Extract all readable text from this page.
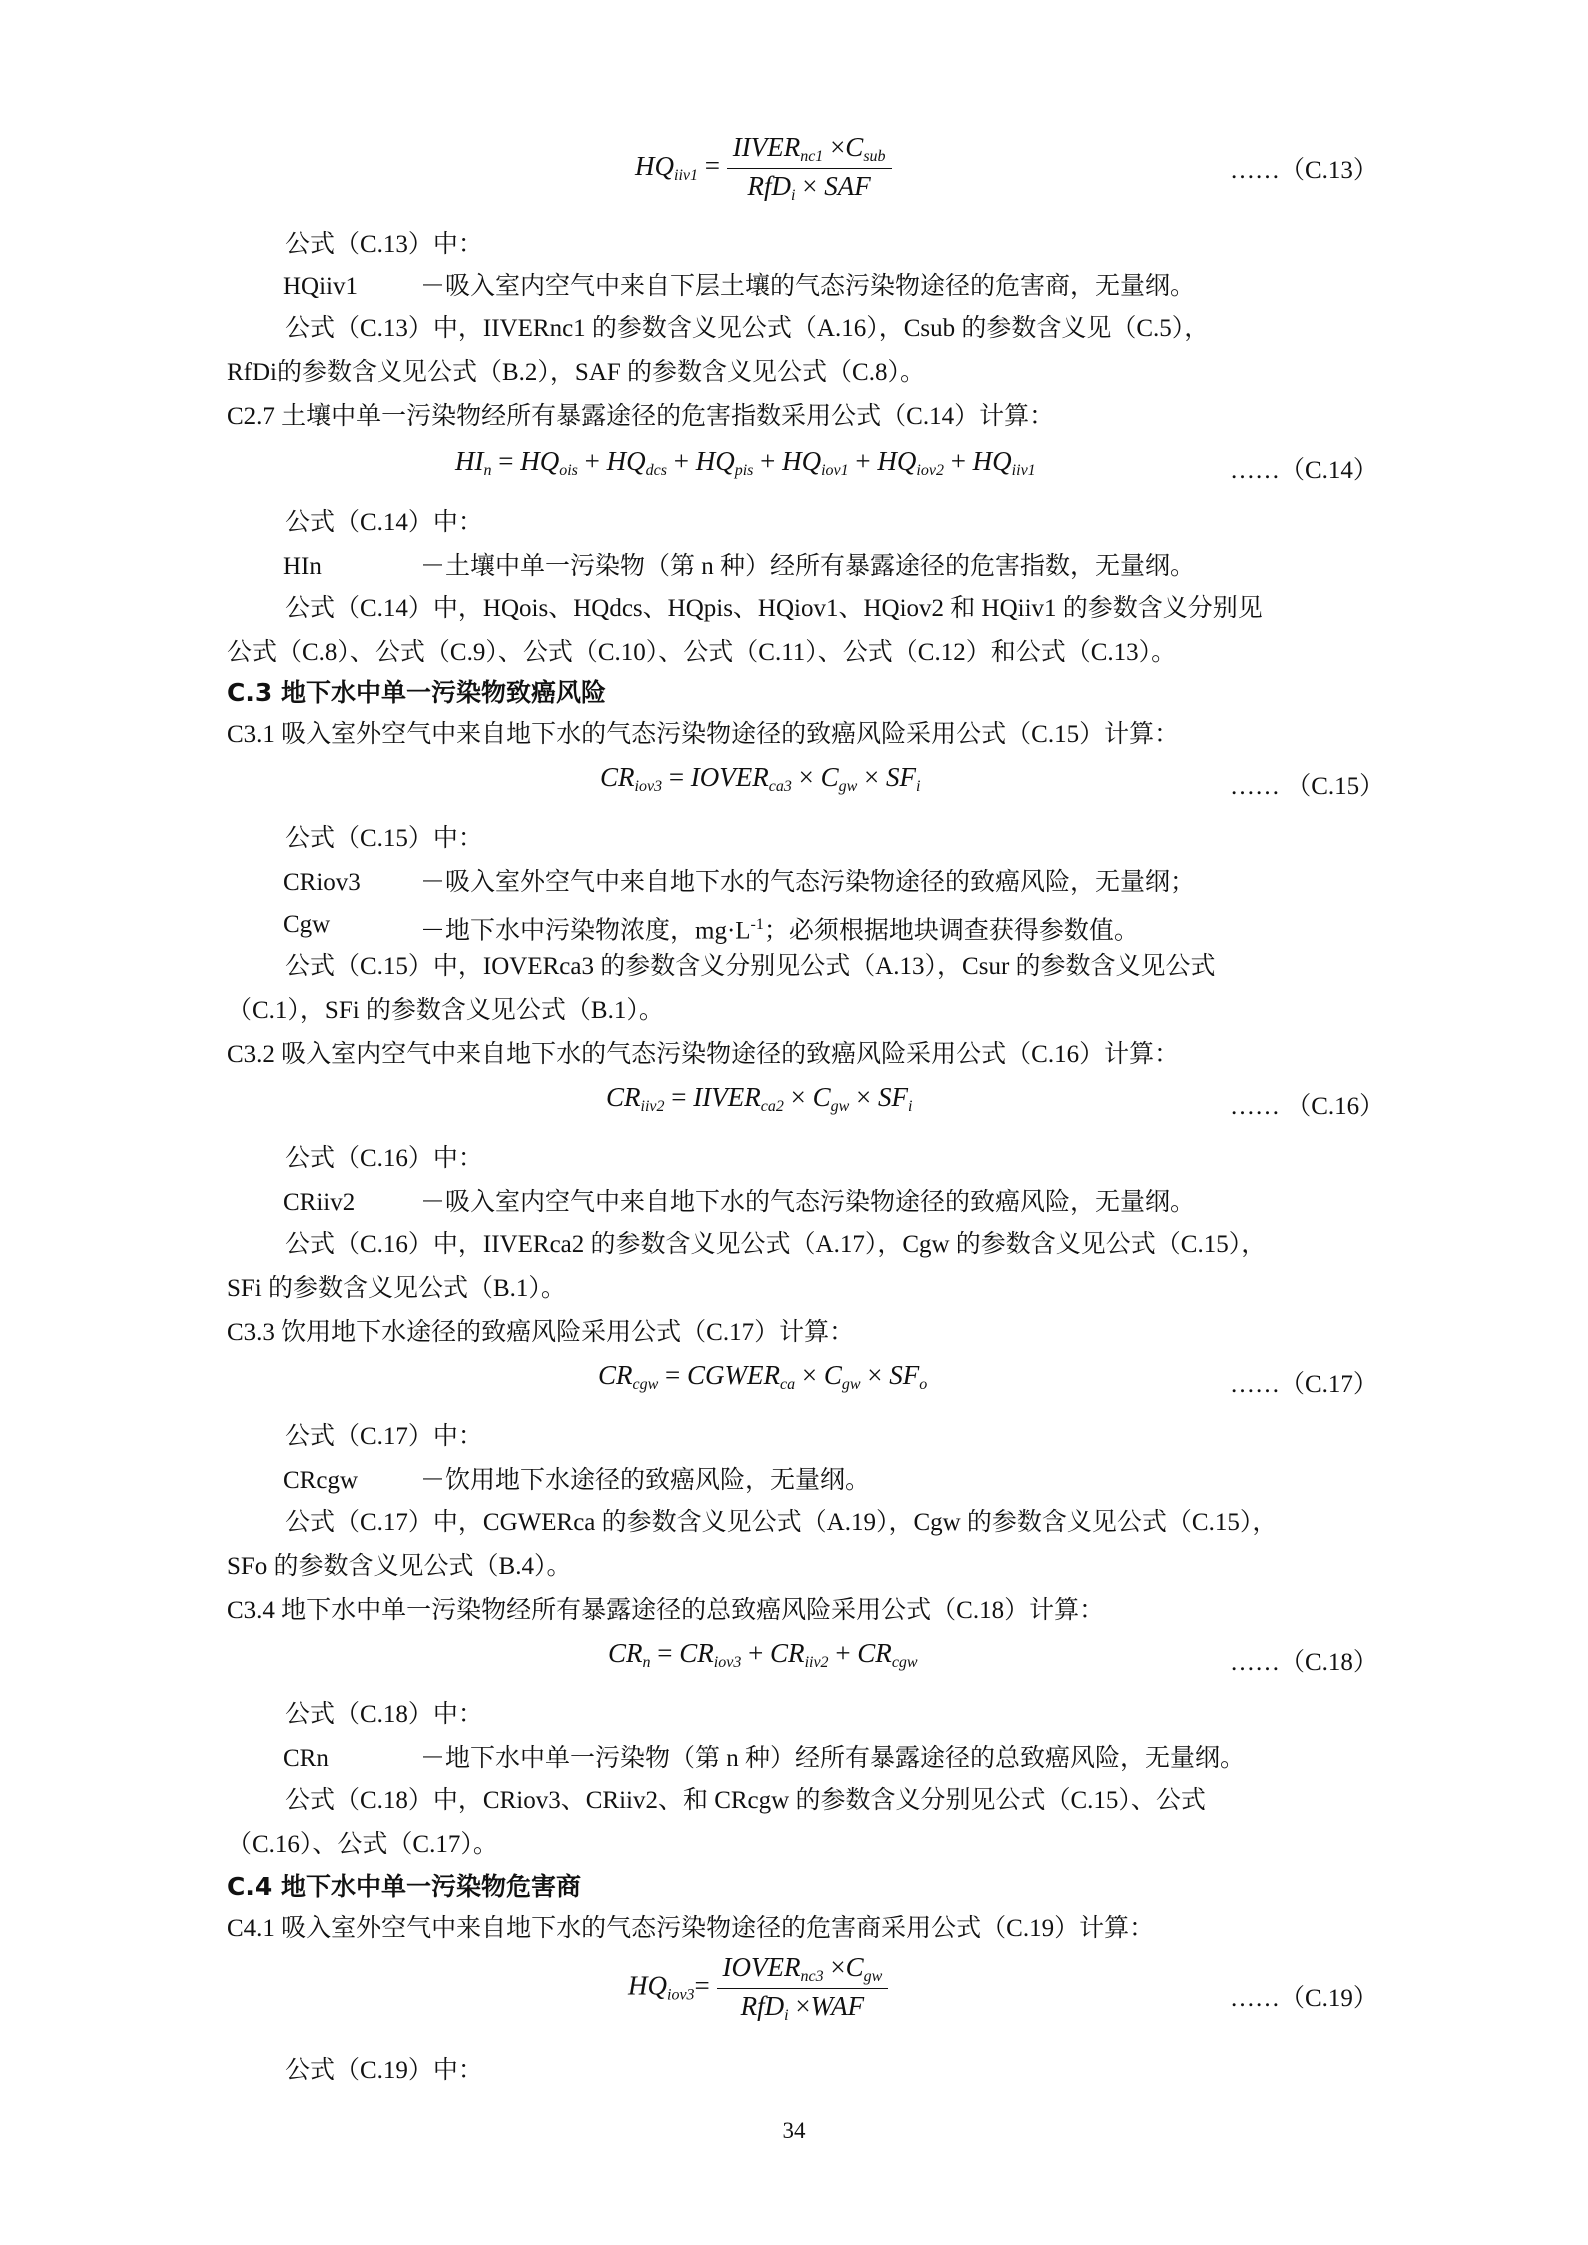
$HQ_{iiv1} = \frac{IIVER_{nc1} \times C_{sub}}{RfD_i \times SAF}$	……（C.13）
公式（C.13）中：
HQiiv1 －吸入室内空气中来自下层土壤的气态污染物途径的危害商，无量纲。
公式（C.13）中，IIVERnc1 的参数含义见公式（A.16），Csub 的参数含义见（C.5），
RfDi的参数含义见公式（B.2），SAF 的参数含义见公式（C.8）。
C2.7 土壤中单一污染物经所有暴露途径的危害指数采用公式（C.14）计算：
$HI_n = HQ_{ois} + HQ_{dcs} + HQ_{pis} + HQ_{iov1} + HQ_{iov2} + HQ_{iiv1}$	……（C.14）
公式（C.14）中：
HIn	－土壤中单一污染物（第 n 种）经所有暴露途径的危害指数，无量纲。
公式（C.14）中，HQois、HQdcs、HQpis、HQiov1、HQiov2 和 HQiiv1 的参数含义分别见
公式（C.8）、公式（C.9）、公式（C.10）、公式（C.11）、公式（C.12）和公式（C.13）。
C.3 地下水中单一污染物致癌风险
C3.1 吸入室外空气中来自地下水的气态污染物途径的致癌风险采用公式（C.15）计算：
$CR_{iov3}$ = $IOVER_{ca3} \times C_{gw} \times SF_i$	…… （C.15）
公式（C.15）中：
CRiov3 －吸入室外空气中来自地下水的气态污染物途径的致癌风险，无量纲；
Cgw	－地下水中污染物浓度，$mg\cdot L^{-1}$；必须根据地块调查获得参数值。
公式（C.15）中，IOVERca3 的参数含义分别见公式（A.13），Csur 的参数含义见公式
（C.1），SFi 的参数含义见公式（B.1）。
C3.2 吸入室内空气中来自地下水的气态污染物途径的致癌风险采用公式（C.16）计算：
$CR_{iiv2}$ = $IIVER_{ca2} \times C_{gw} \times SF_i$	…… （C.16）
公式（C.16）中：
CRiiv2	－吸入室内空气中来自地下水的气态污染物途径的致癌风险，无量纲。
公式（C.16）中，IIVERca2 的参数含义见公式（A.17），Cgw 的参数含义见公式（C.15），
SFi 的参数含义见公式（B.1）。
C3.3 饮用地下水途径的致癌风险采用公式（C.17）计算：
$CR_{cgw}$ = $CGWER_{ca} \times C_{gw} \times SF_o$	……（C.17）
公式（C.17）中：
CRcgw －饮用地下水途径的致癌风险，无量纲。
公式（C.17）中，CGWERca 的参数含义见公式（A.19），Cgw 的参数含义见公式（C.15），
SFo 的参数含义见公式（B.4）。
C3.4 地下水中单一污染物经所有暴露途径的总致癌风险采用公式（C.18）计算：
$CR_n = CR_{iov3} + CR_{iiv2} + CR_{cgw}$	……（C.18）
公式（C.18）中：
CRn	－地下水中单一污染物（第 n 种）经所有暴露途径的总致癌风险，无量纲。
公式（C.18）中，CRiov3、CRiiv2、和 CRcgw 的参数含义分别见公式（C.15）、公式
（C.16）、公式（C.17）。
C.4 地下水中单一污染物危害商
C4.1 吸入室外空气中来自地下水的气态污染物途径的危害商采用公式（C.19）计算：
$HQ_{iov3}= \frac{IOVER_{nc3} \times C_{gw}}{RfD_i \times WAF}$	……（C.19）
公式（C.19）中：
34
